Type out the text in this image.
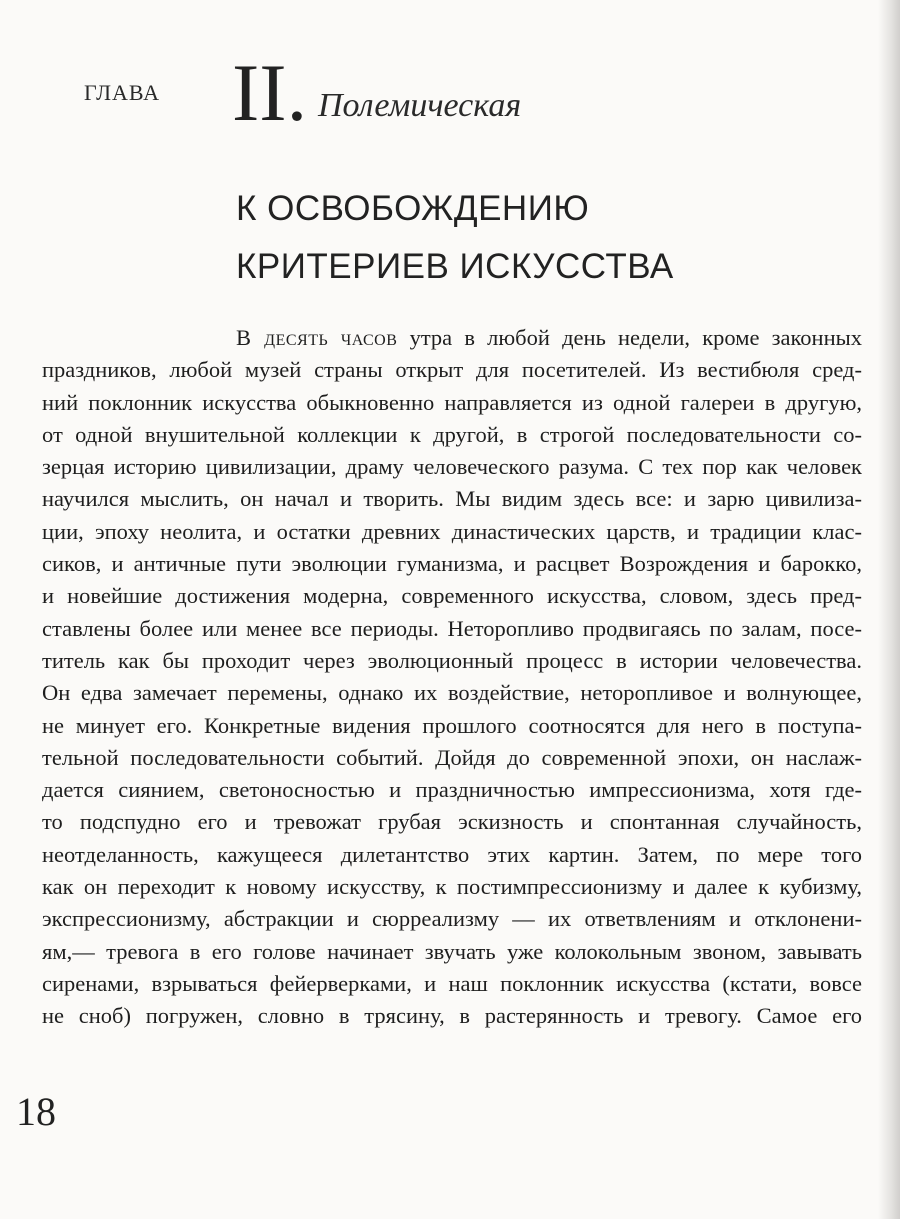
ГЛАВА II. Полемическая
К ОСВОБОЖДЕНИЮ
КРИТЕРИЕВ ИСКУССТВА
В десять часов утра в любой день недели, кроме законных
праздников, любой музей страны открыт для посетителей. Из вестибюля сред-
ний поклонник искусства обыкновенно направляется из одной галереи в другую,
от одной внушительной коллекции к другой, в строгой последовательности со-
зерцая историю цивилизации, драму человеческого разума. С тех пор как человек
научился мыслить, он начал и творить. Мы видим здесь все: и зарю цивилиза-
ции, эпоху неолита, и остатки древних династических царств, и традиции клас-
сиков, и античные пути эволюции гуманизма, и расцвет Возрождения и барокко,
и новейшие достижения модерна, современного искусства, словом, здесь пред-
ставлены более или менее все периоды. Неторопливо продвигаясь по залам, посе-
титель как бы проходит через эволюционный процесс в истории человечества.
Он едва замечает перемены, однако их воздействие, неторопливое и волнующее,
не минует его. Конкретные видения прошлого соотносятся для него в поступа-
тельной последовательности событий. Дойдя до современной эпохи, он наслаж-
дается сиянием, светоносностью и праздничностью импрессионизма, хотя где-
то подспудно его и тревожат грубая эскизность и спонтанная случайность,
неотделанность, кажущееся дилетантство этих картин. Затем, по мере того
как он переходит к новому искусству, к постимпрессионизму и далее к кубизму,
экспрессионизму, абстракции и сюрреализму — их ответвлениям и отклонени-
ям,— тревога в его голове начинает звучать уже колокольным звоном, завывать
сиренами, взрываться фейерверками, и наш поклонник искусства (кстати, вовсе
не сноб) погружен, словно в трясину, в растерянность и тревогу. Самое его
18
